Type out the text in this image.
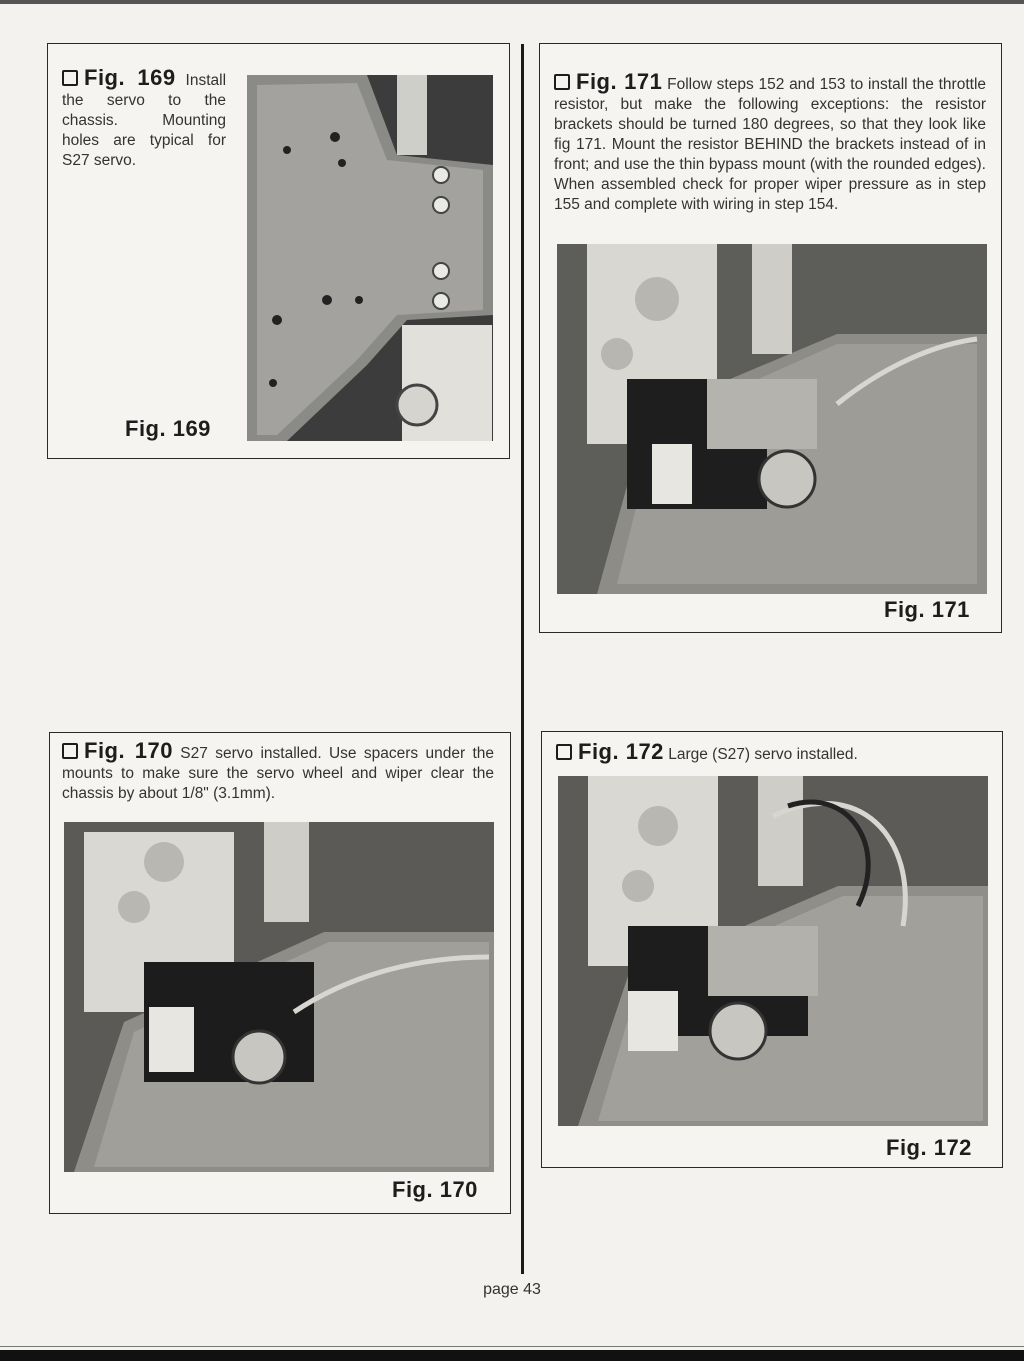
Fig. 169 Install the servo to the chassis. Mounting holes are typical for S27 servo.
Fig. 169
Fig. 171 Follow steps 152 and 153 to install the throttle resistor, but make the following exceptions: the resistor brackets should be turned 180 degrees, so that they look like fig 171. Mount the resistor BEHIND the brackets instead of in front; and use the thin bypass mount (with the rounded edges). When assembled check for proper wiper pressure as in step 155 and complete with wiring in step 154.
Fig. 171
Fig. 170 S27 servo installed. Use spacers under the mounts to make sure the servo wheel and wiper clear the chassis by about 1/8" (3.1mm).
Fig. 170
Fig. 172 Large (S27) servo installed.
Fig. 172
page 43
